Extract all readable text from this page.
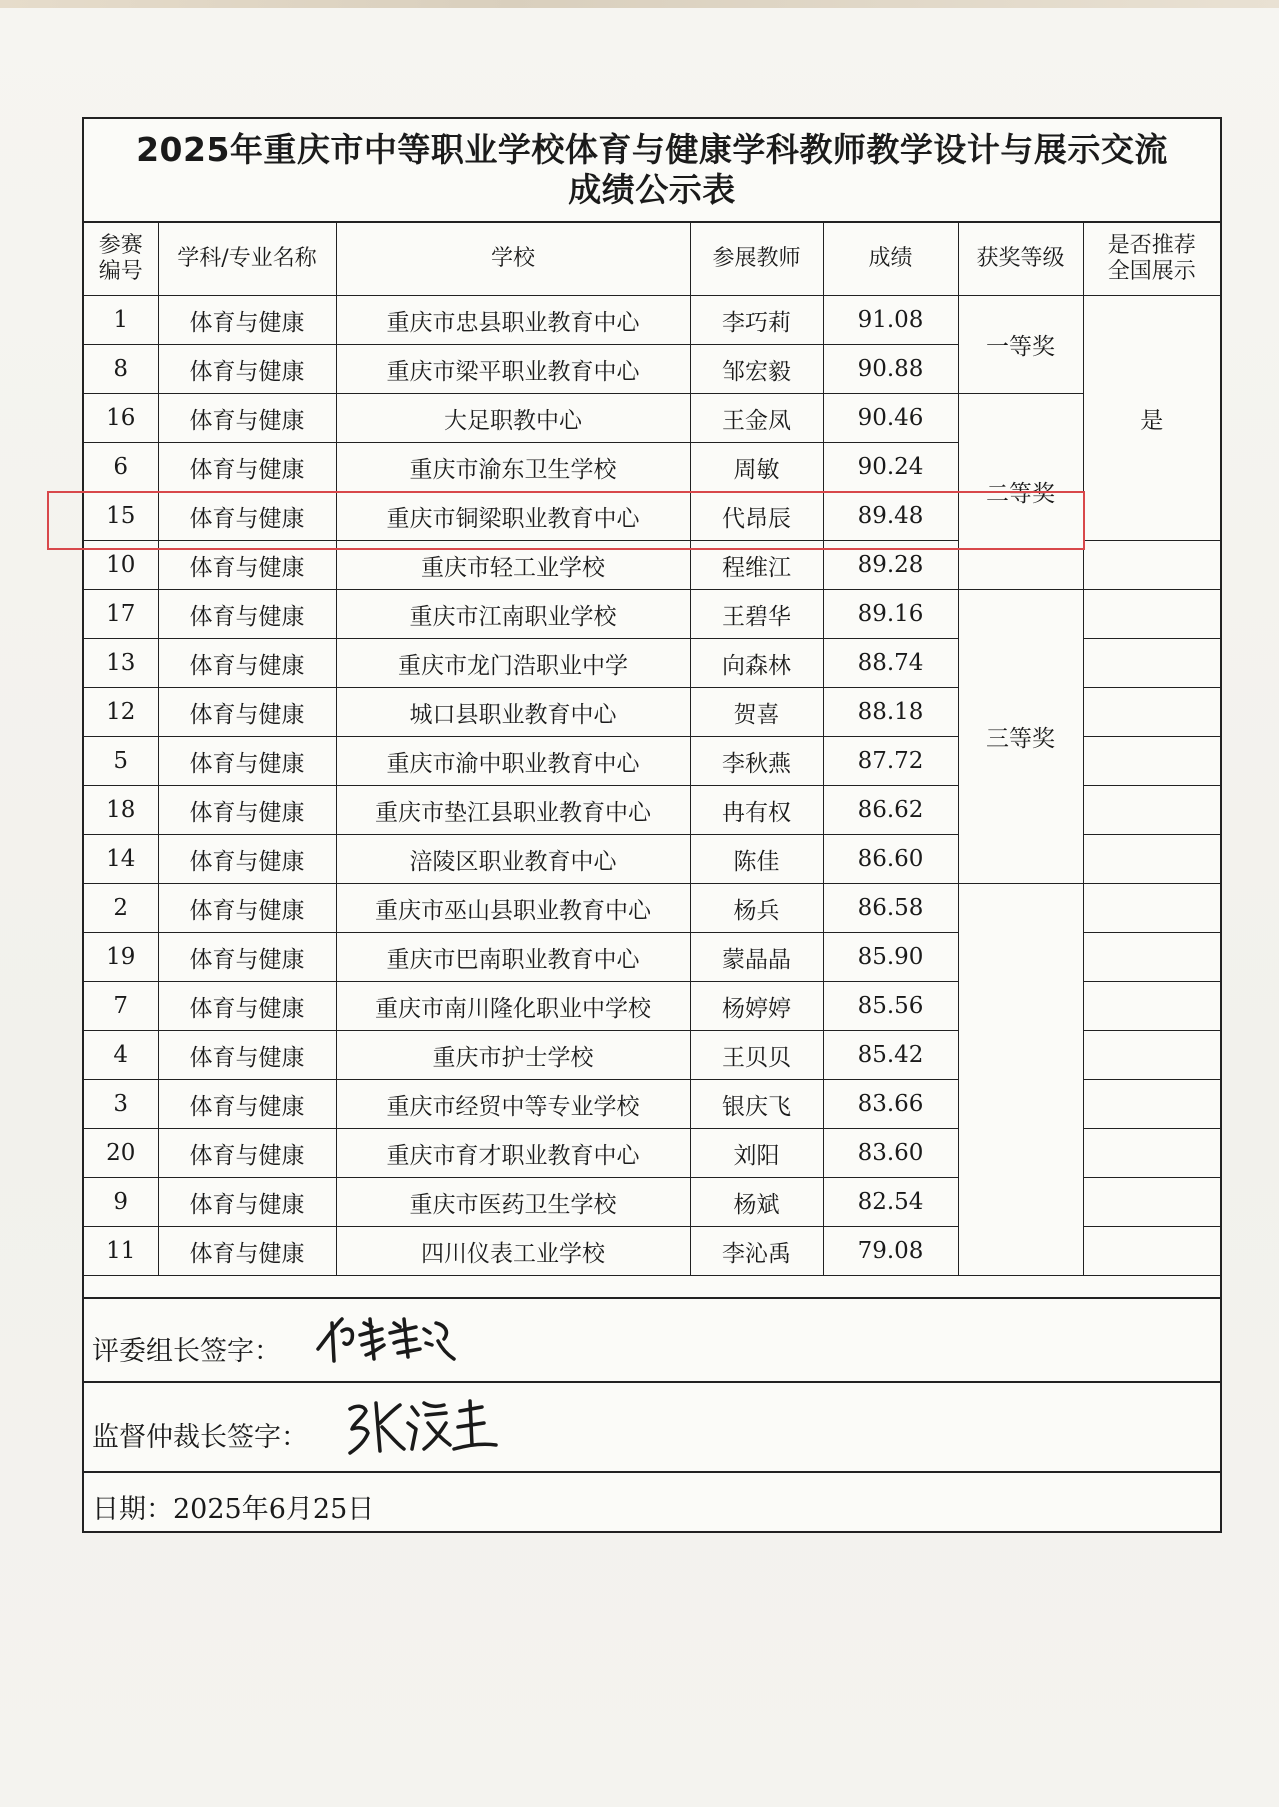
2025年重庆市中等职业学校体育与健康学科教师教学设计与展示交流
成绩公示表
参赛编号	学科/专业名称	学校	参展教师	成绩	获奖等级	是否推荐全国展示
1	体育与健康	重庆市忠县职业教育中心	李巧莉	91.08	一等奖	是
8	体育与健康	重庆市梁平职业教育中心	邹宏毅	90.88		
16	体育与健康	大足职教中心	王金凤	90.46	二等奖	
6	体育与健康	重庆市渝东卫生学校	周敏	90.24		
15	体育与健康	重庆市铜梁职业教育中心	代昂辰	89.48		
10	体育与健康	重庆市轻工业学校	程维江	89.28		
17	体育与健康	重庆市江南职业学校	王碧华	89.16	三等奖	
13	体育与健康	重庆市龙门浩职业中学	向森林	88.74		
12	体育与健康	城口县职业教育中心	贺喜	88.18		
5	体育与健康	重庆市渝中职业教育中心	李秋燕	87.72		
18	体育与健康	重庆市垫江县职业教育中心	冉有权	86.62		
14	体育与健康	涪陵区职业教育中心	陈佳	86.60		
2	体育与健康	重庆市巫山县职业教育中心	杨兵	86.58		
19	体育与健康	重庆市巴南职业教育中心	蒙晶晶	85.90		
7	体育与健康	重庆市南川隆化职业中学校	杨婷婷	85.56		
4	体育与健康	重庆市护士学校	王贝贝	85.42		
3	体育与健康	重庆市经贸中等专业学校	银庆飞	83.66		
20	体育与健康	重庆市育才职业教育中心	刘阳	83.60		
9	体育与健康	重庆市医药卫生学校	杨斌	82.54		
11	体育与健康	四川仪表工业学校	李沁禹	79.08		
评委组长签字：
监督仲裁长签字：
日期：2025年6月25日
